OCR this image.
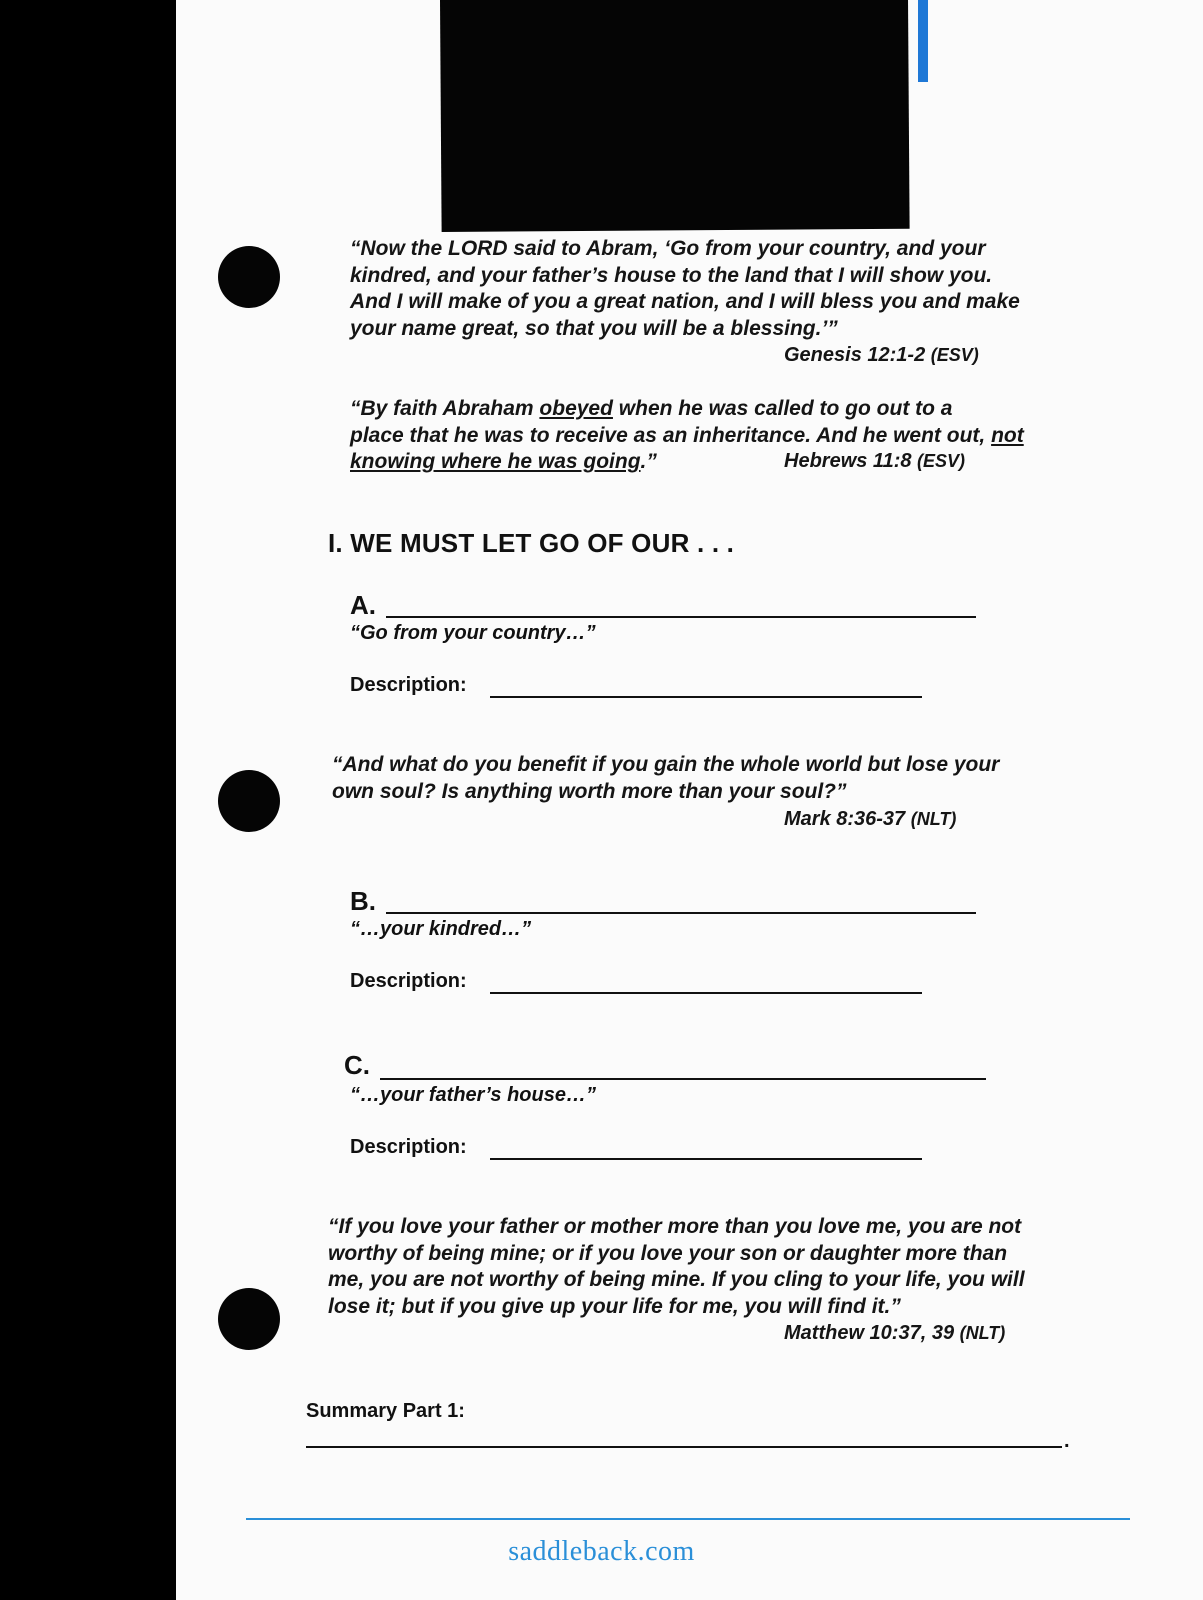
“Now the LORD said to Abram, ‘Go from your country, and your
kindred, and your father’s house to the land that I will show you.
And I will make of you a great nation, and I will bless you and make
your name great, so that you will be a blessing.’”
Genesis 12:1-2 (ESV)
“By faith Abraham obeyed when he was called to go out to a
place that he was to receive as an inheritance. And he went out, not
knowing where he was going.”	Hebrews 11:8 (ESV)
I. WE MUST LET GO OF OUR . . .
A.
“Go from your country…”
Description:
“And what do you benefit if you gain the whole world but lose your
own soul? Is anything worth more than your soul?”
Mark 8:36-37 (NLT)
B.
“…your kindred…”
Description:
C.
“…your father’s house…”
Description:
“If you love your father or mother more than you love me, you are not
worthy of being mine; or if you love your son or daughter more than
me, you are not worthy of being mine. If you cling to your life, you will
lose it; but if you give up your life for me, you will find it.”
Matthew 10:37, 39 (NLT)
Summary Part 1:
.
saddleback.com
